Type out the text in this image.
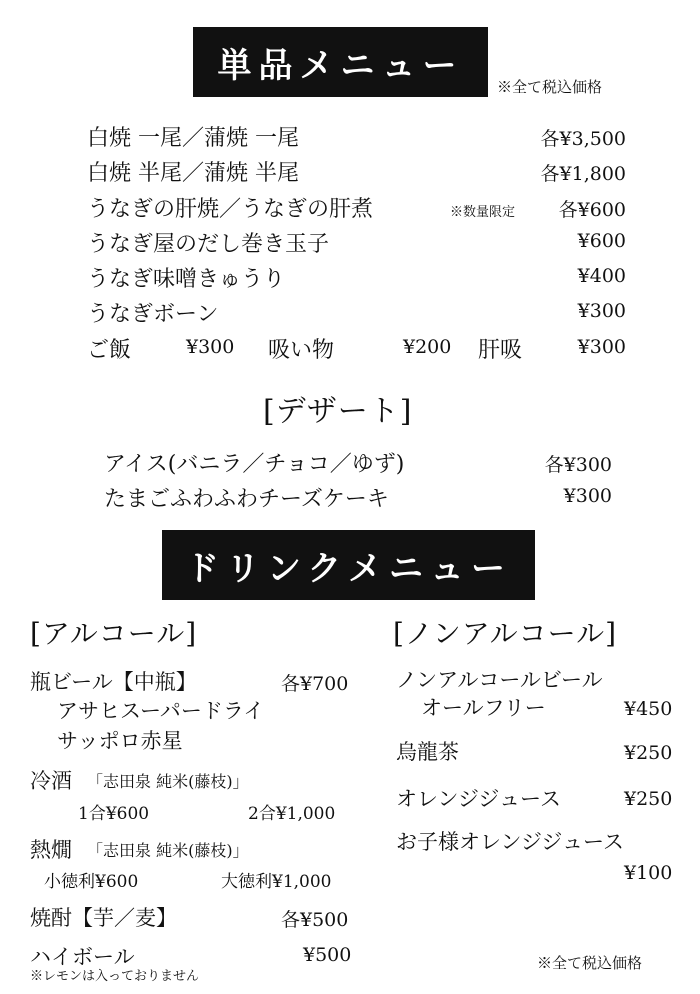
単品メニュー
※全て税込価格
白焼 一尾／蒲焼 一尾	各¥3,500
白焼 半尾／蒲焼 半尾	各¥1,800
うなぎの肝焼／うなぎの肝煮	※数量限定 各¥600
うなぎ屋のだし巻き玉子	¥600
うなぎ味噌きゅうり	¥400
うなぎボーン	¥300
ご飯	¥300 吸い物	¥200 肝吸	¥300
[デザート]
アイス(バニラ／チョコ／ゆず)	各¥300
たまごふわふわチーズケーキ	¥300
ドリンクメニュー
[アルコール]
瓶ビール【中瓶】	各¥700
アサヒスーパードライ
サッポロ赤星
冷酒 「志田泉 純米(藤枝)」
1合¥600	2合¥1,000
熱燗 「志田泉 純米(藤枝)」
小徳利¥600	大徳利¥1,000
焼酎【芋／麦】	各¥500
ハイボール	¥500
※レモンは入っておりません
[ノンアルコール]
ノンアルコールビール
オールフリー	¥450
烏龍茶	¥250
オレンジジュース	¥250
お子様オレンジジュース
¥100
※全て税込価格
